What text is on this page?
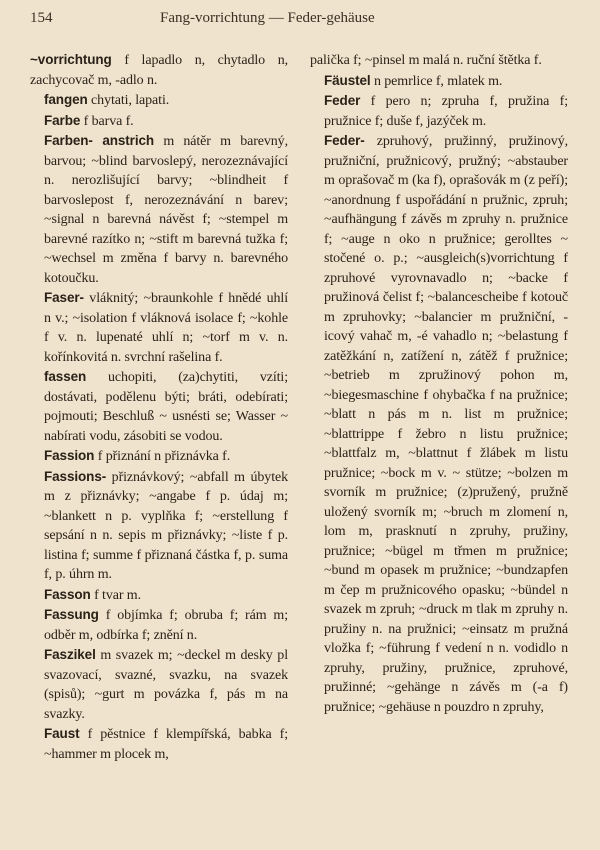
154	Fang-vorrichtung — Feder-gehäuse

~vorrichtung f lapadlo n, chytadlo n, zachycovač m, -adlo n.

fangen chytati, lapati.

Farbe f barva f.

Farben- anstrich m nátěr m barevný, barvou; ~blind barvoslepý, nerozeznávající n. nerozlišující barvy; ~blindheit f barvoslepost f, nerozeznávání n barev; ~signal n barevná návěst f; ~stempel m barevné razítko n; ~stift m barevná tužka f; ~wechsel m změna f barvy n. barevného kotoučku.

Faser- vláknitý; ~braunkohle f hnědé uhlí n v.; ~isolation f vláknová isolace f; ~kohle f v. n. lupenaté uhlí n; ~torf m v. n. kořínkovitá n. svrchní rašelina f.

fassen uchopiti, (za)chytiti, vzíti; dostávati, podělenu býti; bráti, odebírati; pojmouti; Beschluß ~ usnésti se; Wasser ~ nabírati vodu, zásobiti se vodou.

Fassion f přiznání n přiznávka f.

Fassions- přiznávkový; ~abfall m úbytek m z přiznávky; ~angabe f p. údaj m; ~blankett n p. vyplňka f; ~erstellung f sepsání n n. sepis m přiznávky; ~liste f p. listina f; summe f přiznaná částka f, p. suma f, p. úhrn m.

Fasson f tvar m.

Fassung f objímka f; obruba f; rám m; odběr m, odbírka f; znění n.

Faszikel m svazek m; ~deckel m desky pl svazovací, svazné, svazku, na svazek (spisů); ~gurt m povázka f, pás m na svazky.

Faust f pěstnice f klempířská, babka f; ~hammer m plocek m,

palička f; ~pinsel m malá n. ruční štětka f.

Fäustel n pemrlice f, mlatek m.

Feder f pero n; zpruha f, pružina f; pružnice f; duše f, jazýček m.

Feder- zpruhový, pružinný, pružinový, pružniční, pružnicový, pružný; ~abstauber m oprašovač m (ka f), oprašovák m (z peří); ~anordnung f uspořádání n pružnic, zpruh; ~aufhängung f závěs m zpruhy n. pružnice f; ~auge n oko n pružnice; gerolltes ~ stočené o. p.; ~ausgleich(s)vorrichtung f zpruhové vyrovnavadlo n; ~backe f pružinová čelist f; ~balancescheibe f kotouč m zpruhovky; ~balancier m pružniční, -icový vahač m, -é vahadlo n; ~belastung f zatěžkání n, zatížení n, zátěž f pružnice; ~betrieb m zpružinový pohon m, ~biegesmaschine f ohybačka f na pružnice; ~blatt n pás m n. list m pružnice; ~blattrippe f žebro n listu pružnice; ~blattfalz m, ~blattnut f žlábek m listu pružnice; ~bock m v. ~ stütze; ~bolzen m svorník m pružnice; (z)pružený, pružně uložený svorník m; ~bruch m zlomení n, lom m, prasknutí n zpruhy, pružiny, pružnice; ~bügel m třmen m pružnice; ~bund m opasek m pružnice; ~bundzapfen m čep m pružnicového opasku; ~bündel n svazek m zpruh; ~druck m tlak m zpruhy n. pružiny n. na pružnici; ~einsatz m pružná vložka f; ~führung f vedení n n. vodidlo n zpruhy, pružiny, pružnice, zpruhové, pružinné; ~gehänge n závěs m (-a f) pružnice; ~gehäuse n pouzdro n zpruhy,
